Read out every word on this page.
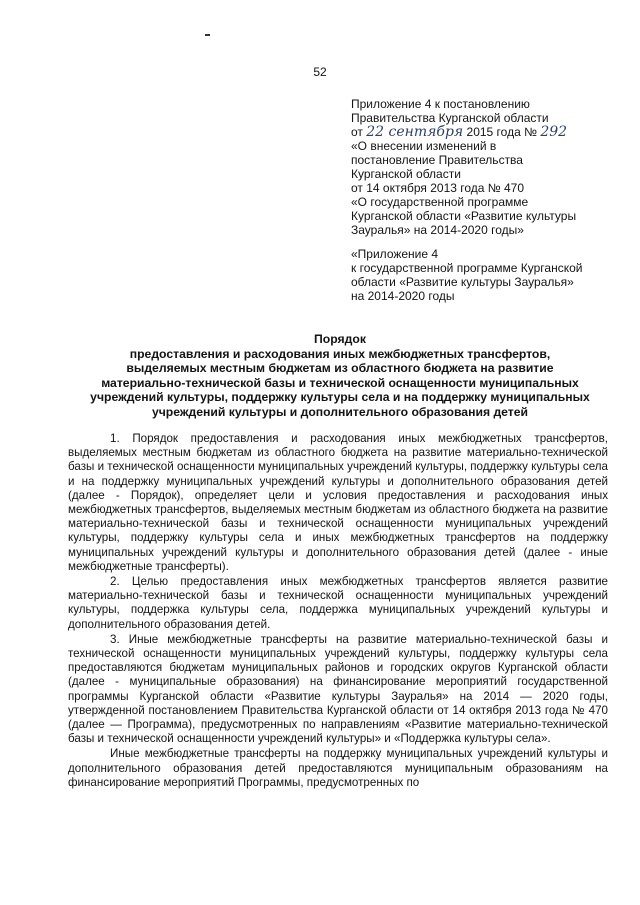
52
Приложение 4 к постановлению
Правительства Курганской области
от 22 сентября 2015 года № 292
«О внесении изменений в
постановление Правительства
Курганской области
от 14 октября 2013 года № 470
«О государственной программе
Курганской области «Развитие культуры
Зауралья» на 2014-2020 годы»
«Приложение 4
к государственной программе Курганской
области «Развитие культуры Зауралья»
на 2014-2020 годы
Порядок
предоставления и расходования иных межбюджетных трансфертов,
выделяемых местным бюджетам из областного бюджета на развитие
материально-технической базы и технической оснащенности муниципальных
учреждений культуры, поддержку культуры села и на поддержку муниципальных
учреждений культуры и дополнительного образования детей

1. Порядок предоставления и расходования иных межбюджетных трансфертов, выделяемых местным бюджетам из областного бюджета на развитие материально-технической базы и технической оснащенности муниципальных учреждений культуры, поддержку культуры села и на поддержку муниципальных учреждений культуры и дополнительного образования детей (далее - Порядок), определяет цели и условия предоставления и расходования иных межбюджетных трансфертов, выделяемых местным бюджетам из областного бюджета на развитие материально-технической базы и технической оснащенности муниципальных учреждений культуры, поддержку культуры села и иных межбюджетных трансфертов на поддержку муниципальных учреждений культуры и дополнительного образования детей (далее - иные межбюджетные трансферты).

2. Целью предоставления иных межбюджетных трансфертов является развитие материально-технической базы и технической оснащенности муниципальных учреждений культуры, поддержка культуры села, поддержка муниципальных учреждений культуры и дополнительного образования детей.

3. Иные межбюджетные трансферты на развитие материально-технической базы и технической оснащенности муниципальных учреждений культуры, поддержку культуры села предоставляются бюджетам муниципальных районов и городских округов Курганской области (далее - муниципальные образования) на финансирование мероприятий государственной программы Курганской области «Развитие культуры Зауралья» на 2014 — 2020 годы, утвержденной постановлением Правительства Курганской области от 14 октября 2013 года № 470 (далее — Программа), предусмотренных по направлениям «Развитие материально-технической базы и технической оснащенности учреждений культуры» и «Поддержка культуры села».

Иные межбюджетные трансферты на поддержку муниципальных учреждений культуры и дополнительного образования детей предоставляются муниципальным образованиям на финансирование мероприятий Программы, предусмотренных по
